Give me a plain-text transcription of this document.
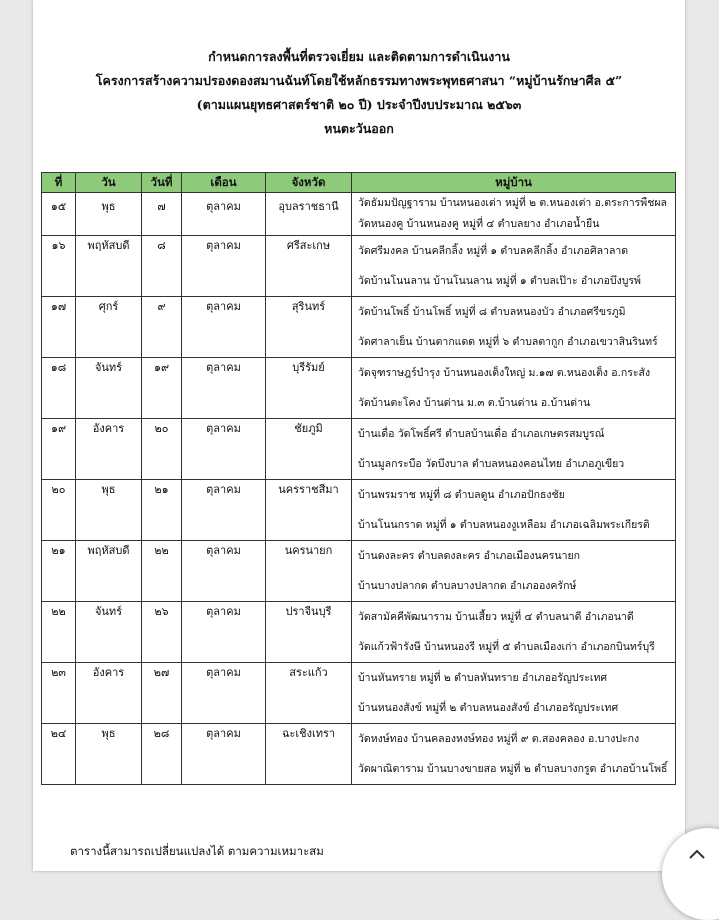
กำหนดการลงพื้นที่ตรวจเยี่ยม และติดตามการดำเนินงาน
โครงการสร้างความปรองดองสมานฉันท์โดยใช้หลักธรรมทางพระพุทธศาสนา “หมู่บ้านรักษาศีล ๕”
(ตามแผนยุทธศาสตร์ชาติ ๒๐ ปี) ประจำปีงบประมาณ ๒๕๖๓
หนตะวันออก
ที่	วัน	วันที่	เดือน	จังหวัด	หมู่บ้าน
๑๕	พุธ	๗	ตุลาคม	อุบลราชธานี	วัดธัมมปัญฐาราม บ้านหนองเต่า หมู่ที่ ๒ ต.หนองเต่า อ.ตระการพืชผล
วัดหนองคู บ้านหนองคู หมู่ที่ ๔ ตำบลยาง อำเภอน้ำยืน

๑๖	พฤหัสบดี	๘	ตุลาคม	ศรีสะเกษ	วัดศรีมงคล บ้านคลีกลิ้ง หมู่ที่ ๑ ตำบลคลีกลิ้ง อำเภอศิลาลาด
วัดบ้านโนนลาน บ้านโนนลาน หมู่ที่ ๑ ตำบลเป๊าะ อำเภอบึงบูรพ์

๑๗	ศุกร์	๙	ตุลาคม	สุรินทร์	วัดบ้านโพธิ์ บ้านโพธิ์ หมู่ที่ ๘ ตำบลหนองบัว อำเภอศรีขรภูมิ
วัดศาลาเย็น บ้านตากแดด หมู่ที่ ๖ ตำบลตากูก อำเภอเขวาสินรินทร์

๑๘	จันทร์	๑๙	ตุลาคม	บุรีรัมย์	วัดจุฑราษฎร์บำรุง บ้านหนองเต็งใหญ่ ม.๑๗ ต.หนองเต็ง อ.กระสัง
วัดบ้านตะโคง บ้านด่าน ม.๓ ต.บ้านด่าน อ.บ้านด่าน

๑๙	อังคาร	๒๐	ตุลาคม	ชัยภูมิ	บ้านเดื่อ วัดโพธิ์ศรี ตำบลบ้านเดื่อ อำเภอเกษตรสมบูรณ์
บ้านมูลกระบือ วัดบึงบาล ตำบลหนองคอนไทย อำเภอภูเขียว

๒๐	พุธ	๒๑	ตุลาคม	นครราชสีมา	บ้านพรมราช หมู่ที่ ๘ ตำบลดูน อำเภอปักธงชัย
บ้านโนนกราด หมู่ที่ ๑ ตำบลหนองงูเหลือม อำเภอเฉลิมพระเกียรติ

๒๑	พฤหัสบดี	๒๒	ตุลาคม	นครนายก	บ้านดงละคร ตำบลดงละคร อำเภอเมืองนครนายก
บ้านบางปลากด ตำบลบางปลากด อำเภอองครักษ์

๒๒	จันทร์	๒๖	ตุลาคม	ปราจีนบุรี	วัดสามัคคีพัฒนาราม บ้านเสี้ยว หมู่ที่ ๔ ตำบลนาดี อำเภอนาดี
วัดแก้วฟ้ารังษี บ้านหนองรี หมู่ที่ ๕ ตำบลเมืองเก่า อำเภอกบินทร์บุรี

๒๓	อังคาร	๒๗	ตุลาคม	สระแก้ว	บ้านหันทราย หมู่ที่ ๒ ตำบลหันทราย อำเภออรัญประเทศ
บ้านหนองสังข์ หมู่ที่ ๒ ตำบลหนองสังข์ อำเภออรัญประเทศ

๒๔	พุธ	๒๘	ตุลาคม	ฉะเชิงเทรา	วัดหงษ์ทอง บ้านคลองหงษ์ทอง หมู่ที่ ๙ ต.สองคลอง อ.บางปะกง
วัดผาณิตาราม บ้านบางขายสอ หมู่ที่ ๒ ตำบลบางกรูด อำเภอบ้านโพธิ์
ตารางนี้สามารถเปลี่ยนแปลงได้ ตามความเหมาะสม
